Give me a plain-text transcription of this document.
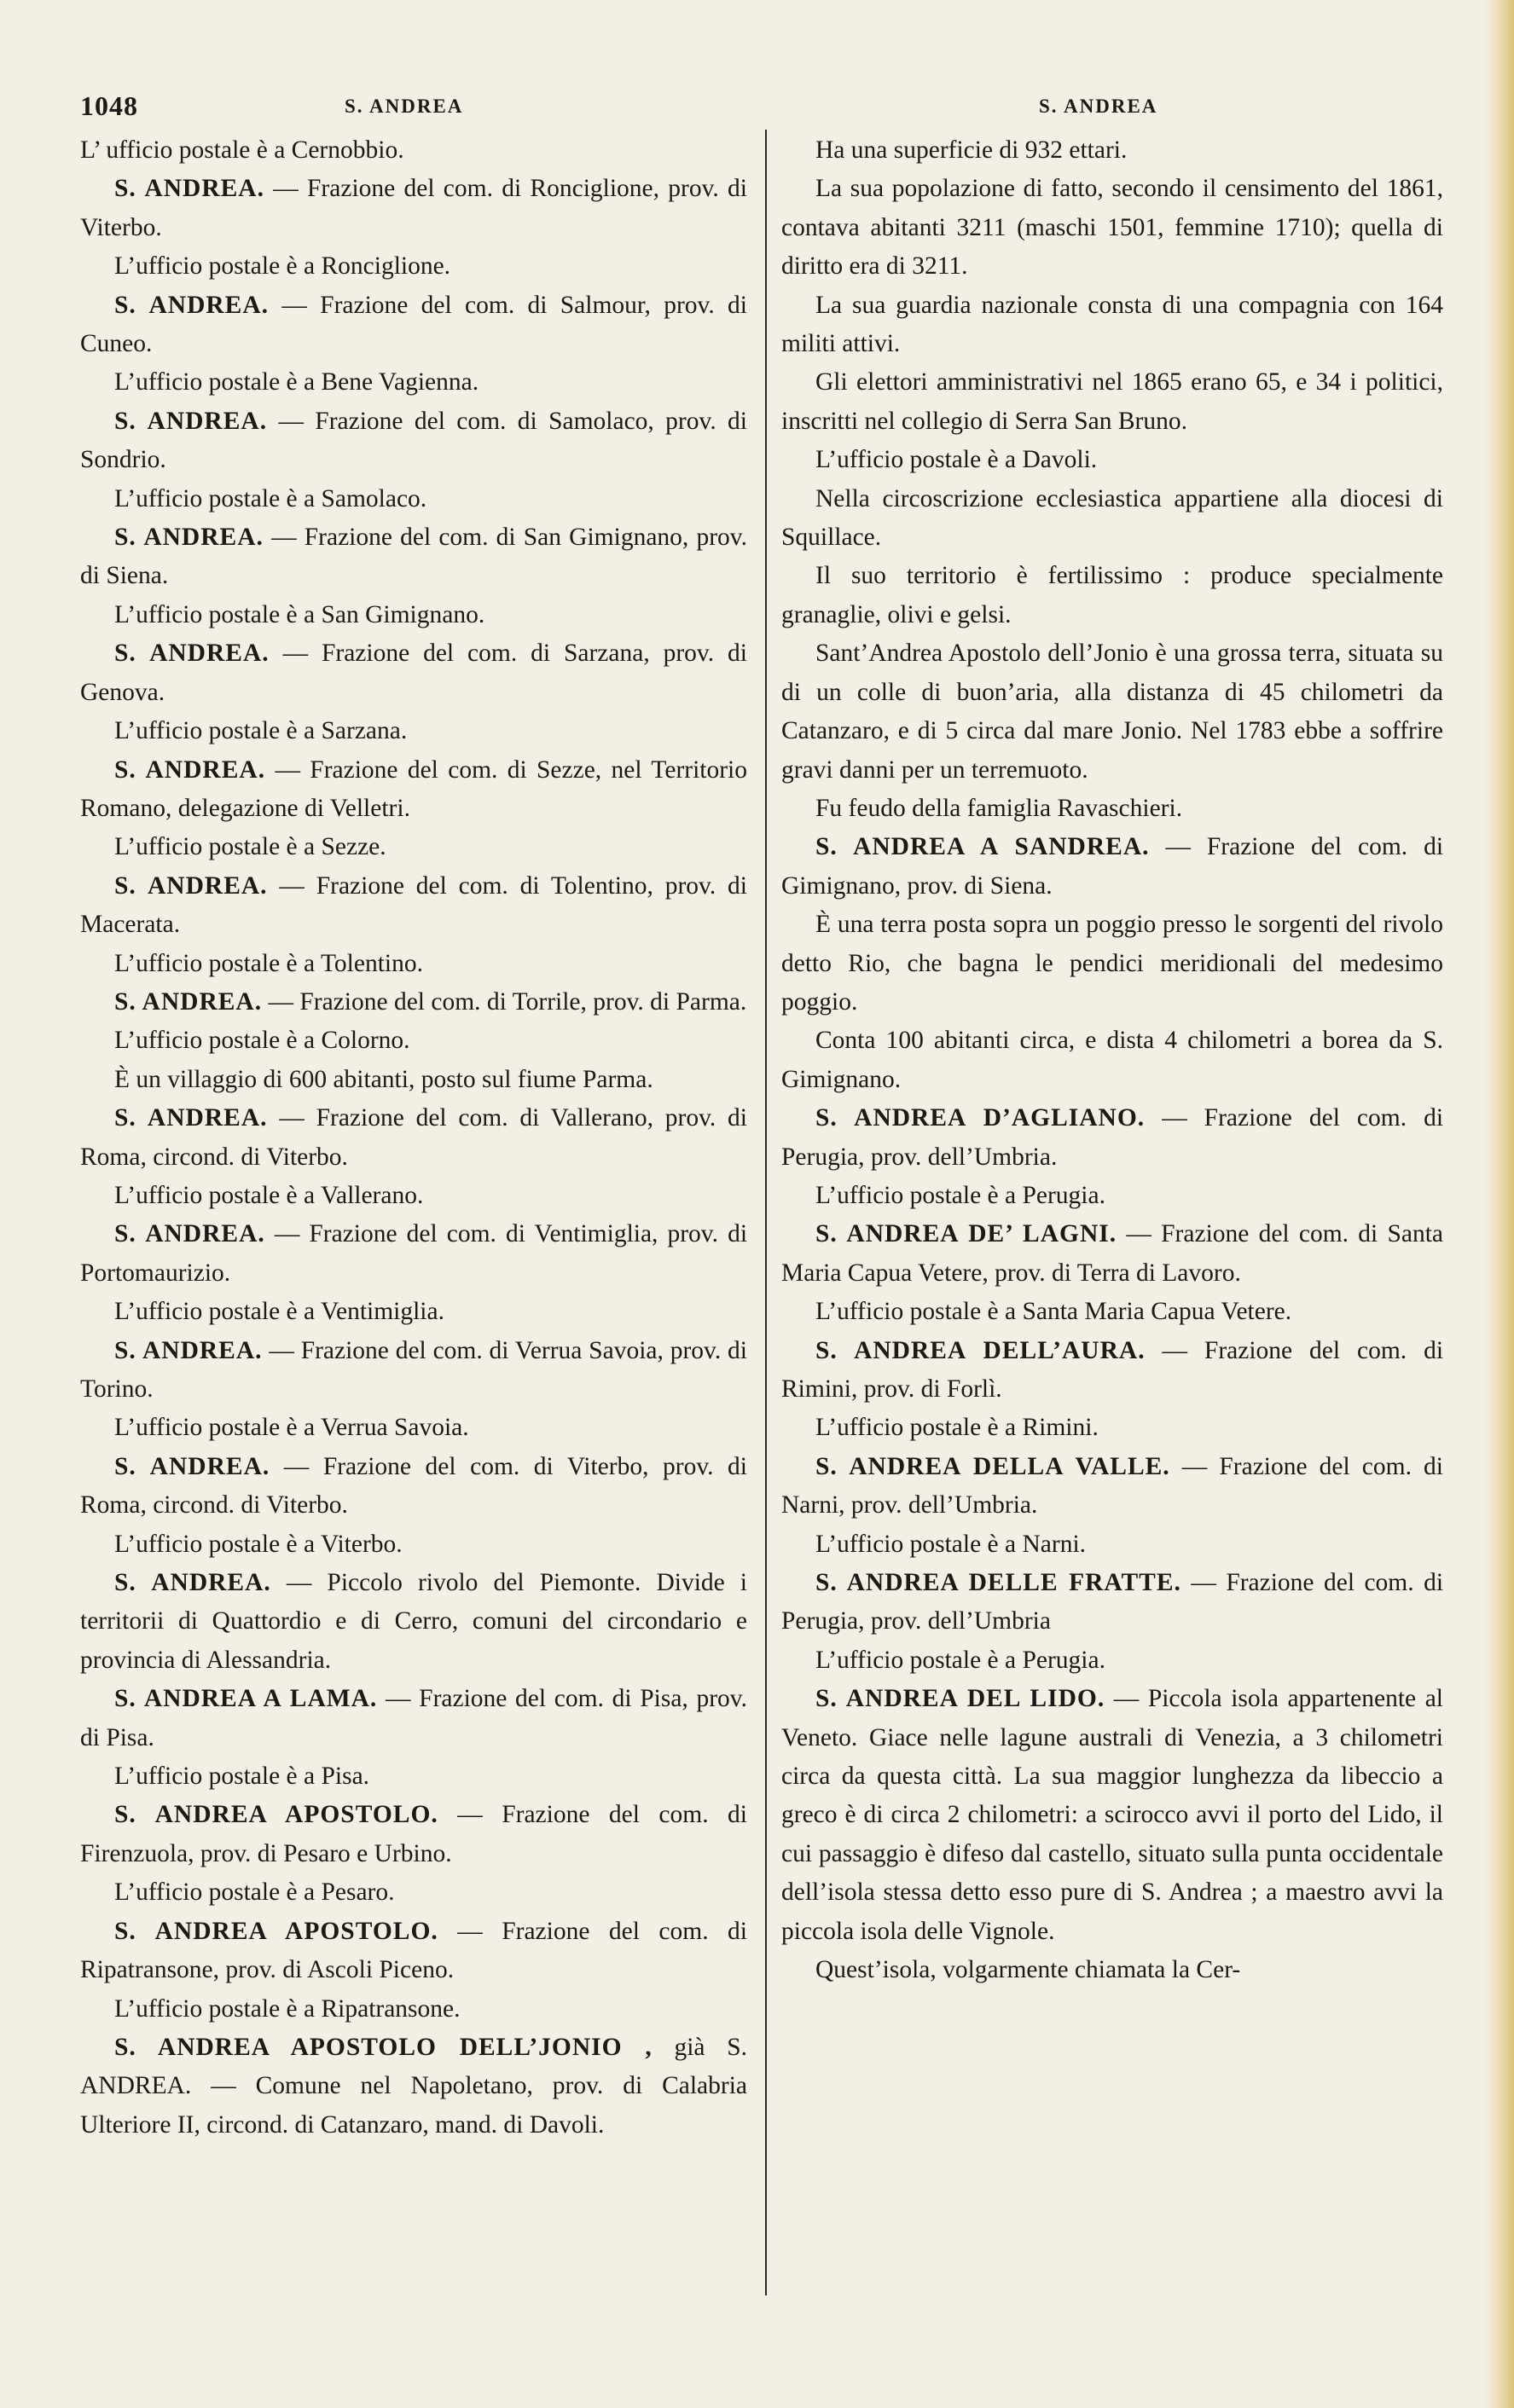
1048	S. ANDREA	S. ANDREA

L’ ufficio postale è a Cernobbio.

S. ANDREA. — Frazione del com. di Ronciglione, prov. di Viterbo.

L’ufficio postale è a Ronciglione.

S. ANDREA. — Frazione del com. di Salmour, prov. di Cuneo.

L’ufficio postale è a Bene Vagienna.

S. ANDREA. — Frazione del com. di Samolaco, prov. di Sondrio.

L’ufficio postale è a Samolaco.

S. ANDREA. — Frazione del com. di San Gimignano, prov. di Siena.

L’ufficio postale è a San Gimignano.

S. ANDREA. — Frazione del com. di Sarzana, prov. di Genova.

L’ufficio postale è a Sarzana.

S. ANDREA. — Frazione del com. di Sezze, nel Territorio Romano, delegazione di Velletri.

L’ufficio postale è a Sezze.

S. ANDREA. — Frazione del com. di Tolentino, prov. di Macerata.

L’ufficio postale è a Tolentino.

S. ANDREA. — Frazione del com. di Torrile, prov. di Parma.

L’ufficio postale è a Colorno.

È un villaggio di 600 abitanti, posto sul fiume Parma.

S. ANDREA. — Frazione del com. di Vallerano, prov. di Roma, circond. di Viterbo.

L’ufficio postale è a Vallerano.

S. ANDREA. — Frazione del com. di Ventimiglia, prov. di Portomaurizio.

L’ufficio postale è a Ventimiglia.

S. ANDREA. — Frazione del com. di Verrua Savoia, prov. di Torino.

L’ufficio postale è a Verrua Savoia.

S. ANDREA. — Frazione del com. di Viterbo, prov. di Roma, circond. di Viterbo.

L’ufficio postale è a Viterbo.

S. ANDREA. — Piccolo rivolo del Piemonte. Divide i territorii di Quattordio e di Cerro, comuni del circondario e provincia di Alessandria.

S. ANDREA A LAMA. — Frazione del com. di Pisa, prov. di Pisa.

L’ufficio postale è a Pisa.

S. ANDREA APOSTOLO. — Frazione del com. di Firenzuola, prov. di Pesaro e Urbino.

L’ufficio postale è a Pesaro.

S. ANDREA APOSTOLO. — Frazione del com. di Ripatransone, prov. di Ascoli Piceno.

L’ufficio postale è a Ripatransone.

S. ANDREA APOSTOLO DELL’JONIO , già S. ANDREA. — Comune nel Napoletano, prov. di Calabria Ulteriore II, circond. di Catanzaro, mand. di Davoli.

Ha una superficie di 932 ettari.

La sua popolazione di fatto, secondo il censimento del 1861, contava abitanti 3211 (maschi 1501, femmine 1710); quella di diritto era di 3211.

La sua guardia nazionale consta di una compagnia con 164 militi attivi.

Gli elettori amministrativi nel 1865 erano 65, e 34 i politici, inscritti nel collegio di Serra San Bruno.

L’ufficio postale è a Davoli.

Nella circoscrizione ecclesiastica appartiene alla diocesi di Squillace.

Il suo territorio è fertilissimo : produce specialmente granaglie, olivi e gelsi.

Sant’Andrea Apostolo dell’Jonio è una grossa terra, situata su di un colle di buon’aria, alla distanza di 45 chilometri da Catanzaro, e di 5 circa dal mare Jonio. Nel 1783 ebbe a soffrire gravi danni per un terremuoto.

Fu feudo della famiglia Ravaschieri.

S. ANDREA A SANDREA. — Frazione del com. di Gimignano, prov. di Siena.

È una terra posta sopra un poggio presso le sorgenti del rivolo detto Rio, che bagna le pendici meridionali del medesimo poggio.

Conta 100 abitanti circa, e dista 4 chilometri a borea da S. Gimignano.

S. ANDREA D’AGLIANO. — Frazione del com. di Perugia, prov. dell’Umbria.

L’ufficio postale è a Perugia.

S. ANDREA DE’ LAGNI. — Frazione del com. di Santa Maria Capua Vetere, prov. di Terra di Lavoro.

L’ufficio postale è a Santa Maria Capua Vetere.

S. ANDREA DELL’AURA. — Frazione del com. di Rimini, prov. di Forlì.

L’ufficio postale è a Rimini.

S. ANDREA DELLA VALLE. — Frazione del com. di Narni, prov. dell’Umbria.

L’ufficio postale è a Narni.

S. ANDREA DELLE FRATTE. — Frazione del com. di Perugia, prov. dell’Umbria

L’ufficio postale è a Perugia.

S. ANDREA DEL LIDO. — Piccola isola appartenente al Veneto. Giace nelle lagune australi di Venezia, a 3 chilometri circa da questa città. La sua maggior lunghezza da libeccio a greco è di circa 2 chilometri: a scirocco avvi il porto del Lido, il cui passaggio è difeso dal castello, situato sulla punta occidentale dell’isola stessa detto esso pure di S. Andrea ; a maestro avvi la piccola isola delle Vignole.

Quest’isola, volgarmente chiamata la Cer-
